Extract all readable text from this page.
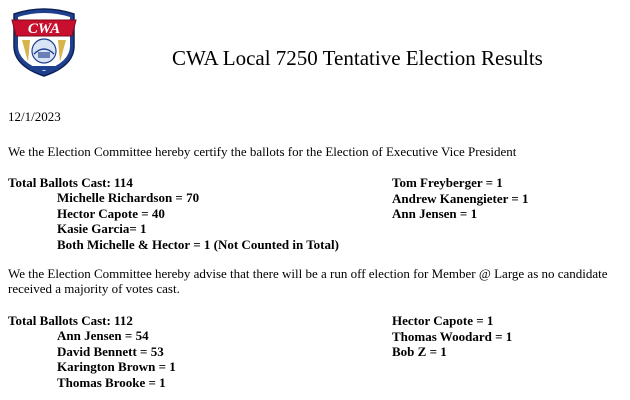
CWA
CWA Local 7250 Tentative Election Results
12/1/2023
We the Election Committee hereby certify the ballots for the Election of Executive Vice President
Total Ballots Cast: 114
Michelle Richardson = 70
Hector Capote = 40
Kasie Garcia= 1
Both Michelle & Hector = 1 (Not Counted in Total)
Tom Freyberger = 1
Andrew Kanengieter = 1
Ann Jensen = 1
We the Election Committee hereby advise that there will be a run off election for Member @ Large as no candidate received a majority of votes cast.
Total Ballots Cast: 112
Ann Jensen = 54
David Bennett = 53
Karington Brown = 1
Thomas Brooke = 1
Hector Capote = 1
Thomas Woodard = 1
Bob Z = 1
